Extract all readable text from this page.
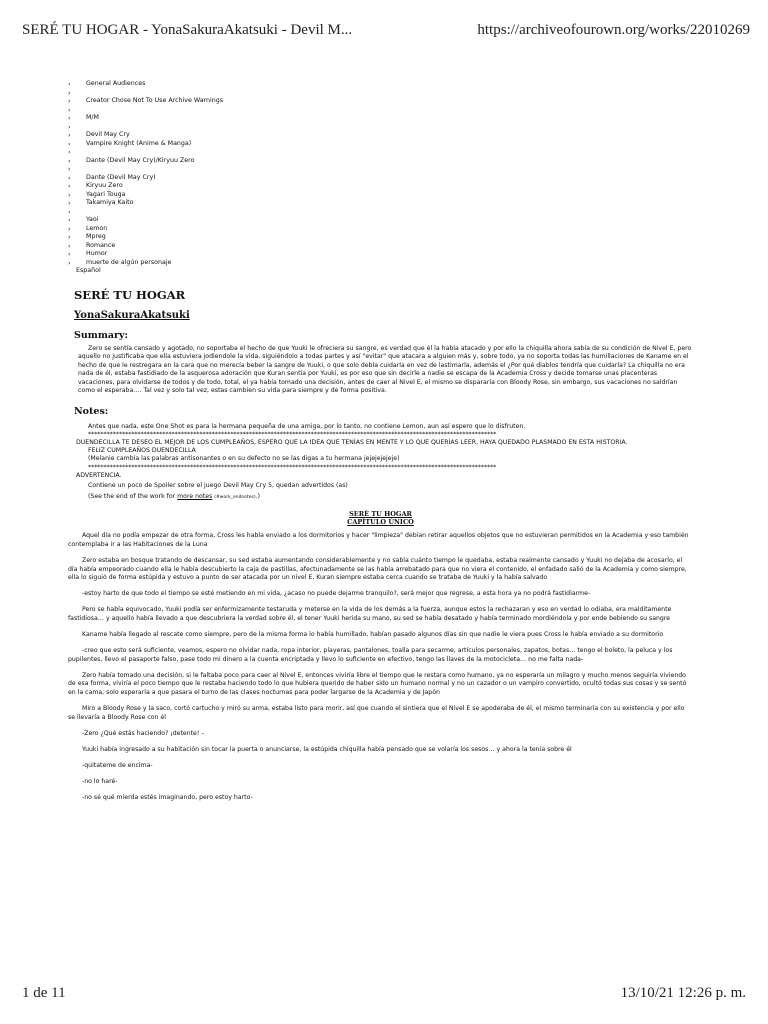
SERÉ TU HOGAR - YonaSakuraAkatsuki - Devil M...	https://archiveofourown.org/works/22010269
› General Audiences
›
› Creator Chose Not To Use Archive Warnings
›
› M/M
›
› Devil May Cry
› Vampire Knight (Anime & Manga)
›
› Dante (Devil May Cry)/Kiryuu Zero
›
› Dante (Devil May Cry)
› Kiryuu Zero
› Yagari Touga
› Takamiya Kaito
›
› Yaoi
› Lemon
› Mpreg
› Romance
› Humor
› muerte de algún personaje
Español
SERÉ TU HOGAR
YonaSakuraAkatsuki
Summary:

Zero se sentía cansado y agotado, no soportaba el hecho de que Yuuki le ofreciera su sangre, es verdad que él la había atacado y por ello la chiquilla ahora sabía de su condición de Nivel E, pero aquello no justificaba que ella estuviera jodiendole la vida, siguiéndolo a todas partes y así "evitar" que atacara a alguien más y, sobre todo, ya no soporta todas las humillaciones de Kaname en el hecho de que le restregara en la cara que no merecía beber la sangre de Yuuki, o que solo debía cuidarla en vez de lastimarla, además el ¿Por qué diablos tendría que cuidarla? La chiquilla no era nada de él, estaba fastidiado de la asquerosa adoración que Kuran sentía por Yuuki, es por eso que sin decirle a nadie se escapa de la Academia Cross y decide tomarse unas placenteras vacaciones, para olvidarse de todos y de todo, total, el ya había tomado una decisión, antes de caer al Nivel E, el mismo se dispararía con Bloody Rose, sin embargo, sus vacaciones no saldrían como el esperaba…. Tal vez y solo tal vez, estas cambien su vida para siempre y de forma positiva.

Notes:
Antes que nada, este One Shot es para la hermana pequeña de una amiga, por lo tanto, no contiene Lemon, aun así espero que lo disfruten.
************************************************************************************************************************************
DUENDECILLA TE DESEO EL MEJOR DE LOS CUMPLEAÑOS, ESPERO QUE LA IDEA QUE TENÍAS EN MENTE Y LO QUE QUERÍAS LEER, HAYA QUEDADO PLASMADO EN ESTA HISTORIA.
FELIZ CUMPLEAÑOS DUENDECILLA
(Melanie cambia las palabras antisonantes o en su defecto no se las digas a tu hermana jejejejejeje)
************************************************************************************************************************************
ADVERTENCIA.
Contiene un poco de Spoiler sobre el juego Devil May Cry 5, quedan advertidos (as)
(See the end of the work for more notes (#work_endnotes).)
SERÉ TU HOGAR
CAPÍTULO ÚNICO

Aquel día no podía empezar de otra forma, Cross les había enviado a los dormitorios y hacer "limpieza" debían retirar aquellos objetos que no estuvieran permitidos en la Academia y eso también contemplaba ir a las Habitaciones de la Luna

Zero estaba en bosque tratando de descansar, su sed estaba aumentando considerablemente y no sabía cuánto tiempo le quedaba, estaba realmente cansado y Yuuki no dejaba de acosarlo, el día había empeorado cuando ella le había descubierto la caja de pastillas, afectunadamente se las había arrebatado para que no viera el contenido, el enfadado salió de la Academia y como siempre, ella lo siguió de forma estúpida y estuvo a punto de ser atacada por un nivel E, Kuran siempre estaba cerca cuando se trataba de Yuuki y la había salvado

-estoy harto de que todo el tiempo se esté metiendo en mi vida, ¿acaso no puede dejarme tranquilo?, será mejor que regrese, a esta hora ya no podrá fastidiarme-

Pero se había equivocado, Yuuki podía ser enfermizamente testaruda y meterse en la vida de los demás a la fuerza, aunque estos la rechazaran y eso en verdad lo odiaba, era malditamente fastidiosa… y aquello había llevado a que descubriera la verdad sobre él, el tener Yuuki herida su mano, su sed se había desatado y había terminado mordiéndola y por ende bebiendo su sangre

Kaname había llegado al rescate como siempre, pero de la misma forma lo había humillado, habían pasado algunos días sin que nadie le viera pues Cross le había enviado a su dormitorio

-creo que esto será suficiente, veamos, espero no olvidar nada, ropa interior, playeras, pantalones, toalla para secarme, artículos personales, zapatos, botas… tengo el boleto, la peluca y los pupilentes, llevo el pasaporte falso, pase todo mi dinero a la cuenta encriptada y llevo lo suficiente en efectivo, tengo las llaves de la motocicleta… no me falta nada-

Zero había tomado una decisión, si le faltaba poco para caer al Nivel E, entonces viviría libre el tiempo que le restara como humano, ya no esperaría un milagro y mucho menos seguiría viviendo de esa forma, viviría el poco tiempo que le restaba haciendo todo lo que hubiera querido de haber sido un humano normal y no un cazador o un vampiro convertido, ocultó todas sus cosas y se sentó en la cama, solo esperaría a que pasara el turno de las clases nocturnas para poder largarse de la Academia y de Japón

Miro a Bloody Rose y la saco, cortó cartucho y miró su arma, estaba listo para morir, así que cuando el sintiera que el Nivel E se apoderaba de él, el mismo terminaría con su existencia y por ello se llevaría a Bloody Rose con él

-Zero ¿Qué estás haciendo? ¡detente! –

Yuuki había ingresado a su habitación sin tocar la puerta o anunciarse, la estúpida chiquilla había pensado que se volaría los sesos… y ahora la tenía sobre él

-quitateme de encima-

-no lo haré-

-no sé qué mierda estés imaginando, pero estoy harto-

1 de 11	13/10/21 12:26 p. m.
